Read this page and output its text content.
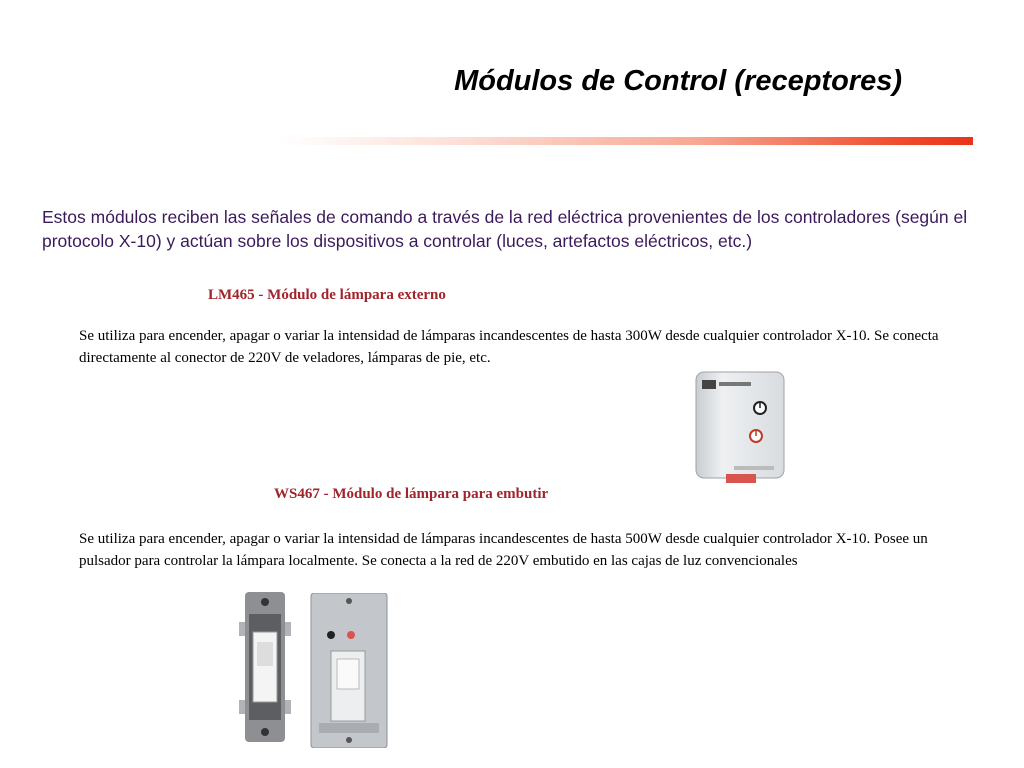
Módulos de Control (receptores)
Estos módulos reciben las señales de comando a través de la red eléctrica provenientes de los controladores (según el protocolo X-10) y actúan sobre los dispositivos a controlar (luces, artefactos eléctricos, etc.)
LM465 - Módulo de lámpara externo
Se utiliza para encender, apagar o variar la intensidad de lámparas incandescentes de hasta 300W desde cualquier controlador X-10. Se conecta directamente al conector de 220V de veladores, lámparas de pie, etc.
WS467 - Módulo de lámpara para embutir
Se utiliza para encender, apagar o variar la intensidad de lámparas incandescentes de hasta 500W desde cualquier controlador X-10. Posee un pulsador para controlar la lámpara localmente. Se conecta a la red de 220V embutido en las cajas de luz convencionales
